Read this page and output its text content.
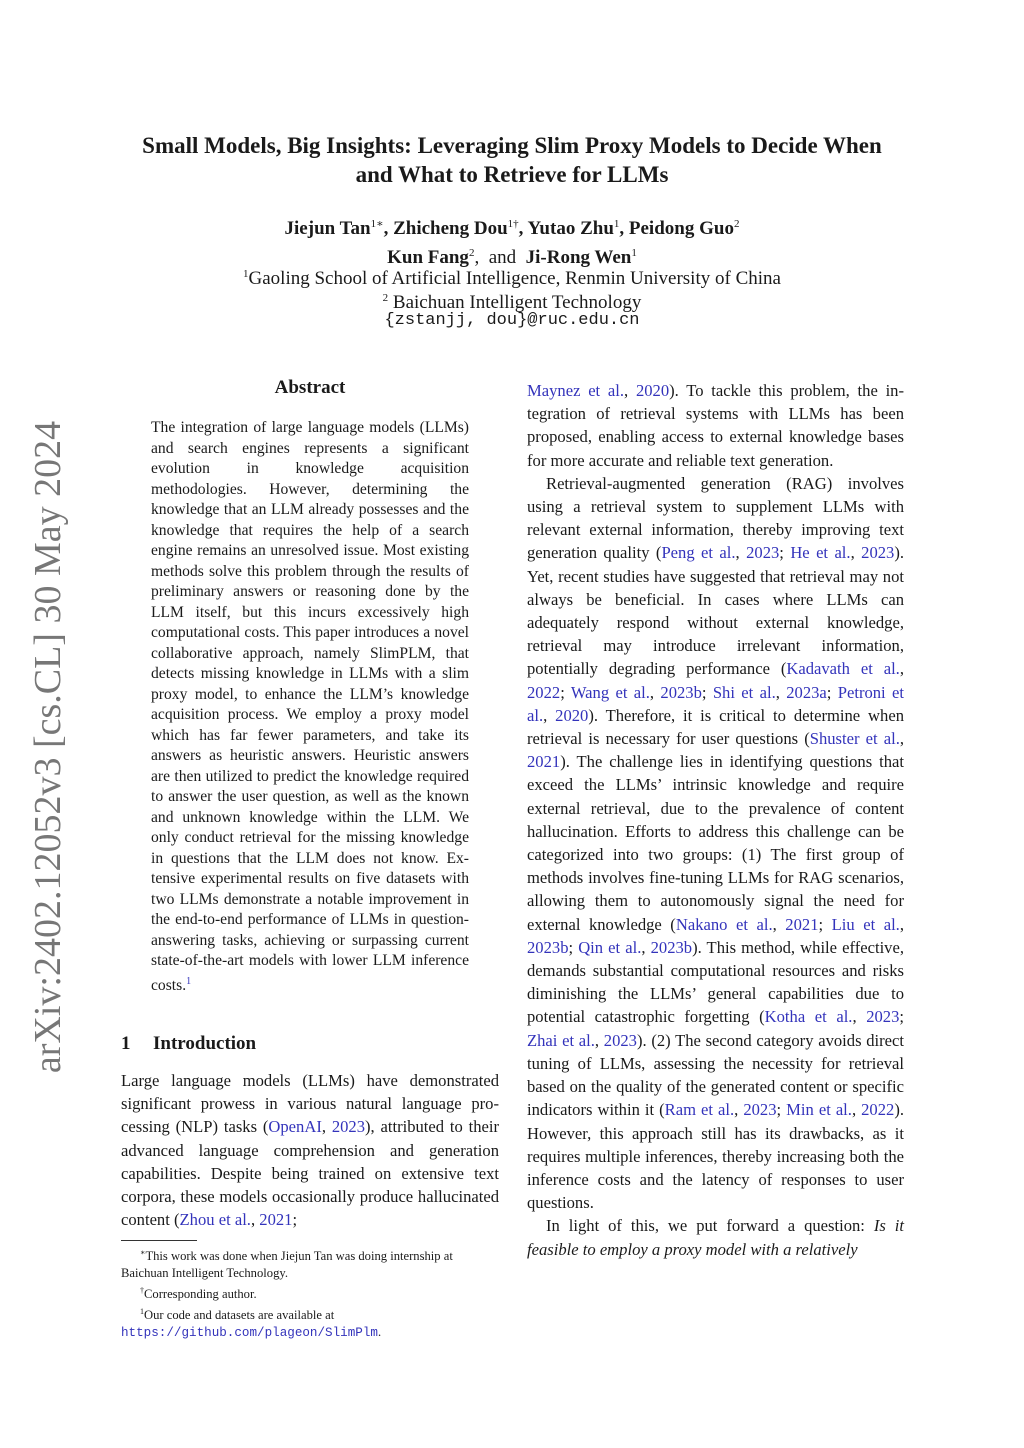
arXiv:2402.12052v3 [cs.CL] 30 May 2024
Small Models, Big Insights: Leveraging Slim Proxy Models to Decide When
and What to Retrieve for LLMs
Jiejun Tan$^{1∗}$, Zhicheng Dou$^{1\dagger}$, Yutao Zhu$^1$, Peidong Guo$^2$
Kun Fang$^2$,  and Ji-Rong Wen$^1$
$^1$Gaoling School of Artificial Intelligence, Renmin University of China
$^2$ Baichuan Intelligent Technology
{zstanjj, dou}@ruc.edu.cn
Abstract
The integration of large language models (LLMs) and search engines represents a significant evolution in knowledge acquisition methodologies. However, determining the knowledge that an LLM already possesses and the knowledge that requires the help of a search engine remains an unresolved issue. Most existing methods solve this problem through the results of preliminary answers or reasoning done by the LLM itself, but this incurs excessively high computational costs. This paper introduces a novel collaborative approach, namely SlimPLM, that detects missing knowledge in LLMs with a slim proxy model, to enhance the LLM’s knowledge acquisition process. We employ a proxy model which has far fewer parameters, and take its answers as heuristic answers. Heuristic answers are then utilized to predict the knowledge required to answer the user question, as well as the known and unknown knowledge within the LLM. We only conduct retrieval for the missing knowledge in questions that the LLM does not know. Extensive experimental results on five datasets with two LLMs demonstrate a notable improvement in the end-to-end performance of LLMs in question-answering tasks, achieving or surpassing current state-of-the-art models with lower LLM inference costs.$^1$
1 Introduction

Large language models (LLMs) have demonstrated significant prowess in various natural language processing (NLP) tasks (OpenAI, 2023), attributed to their advanced language comprehension and generation capabilities. Despite being trained on extensive text corpora, these models occasionally produce hallucinated content (Zhou et al., 2021;

Maynez et al., 2020). To tackle this problem, the integration of retrieval systems with LLMs has been proposed, enabling access to external knowledge bases for more accurate and reliable text generation.

Retrieval-augmented generation (RAG) involves using a retrieval system to supplement LLMs with relevant external information, thereby improving text generation quality (Peng et al., 2023; He et al., 2023). Yet, recent studies have suggested that retrieval may not always be beneficial. In cases where LLMs can adequately respond without external knowledge, retrieval may introduce irrelevant information, potentially degrading performance (Kadavath et al., 2022; Wang et al., 2023b; Shi et al., 2023a; Petroni et al., 2020). Therefore, it is critical to determine when retrieval is necessary for user questions (Shuster et al., 2021). The challenge lies in identifying questions that exceed the LLMs’ intrinsic knowledge and require external retrieval, due to the prevalence of content hallucination. Efforts to address this challenge can be categorized into two groups: (1) The first group of methods involves fine-tuning LLMs for RAG scenarios, allowing them to autonomously signal the need for external knowledge (Nakano et al., 2021; Liu et al., 2023b; Qin et al., 2023b). This method, while effective, demands substantial computational resources and risks diminishing the LLMs’ general capabilities due to potential catastrophic forgetting (Kotha et al., 2023; Zhai et al., 2023). (2) The second category avoids direct tuning of LLMs, assessing the necessity for retrieval based on the quality of the generated content or specific indicators within it (Ram et al., 2023; Min et al., 2022). However, this approach still has its drawbacks, as it requires multiple inferences, thereby increasing both the inference costs and the latency of responses to user questions.

In light of this, we put forward a question: Is it feasible to employ a proxy model with a relatively

∗This work was done when Jiejun Tan was doing internship at Baichuan Intelligent Technology.

†Corresponding author.

$^1$Our code and datasets are available at https://github.com/plageon/SlimPlm.
